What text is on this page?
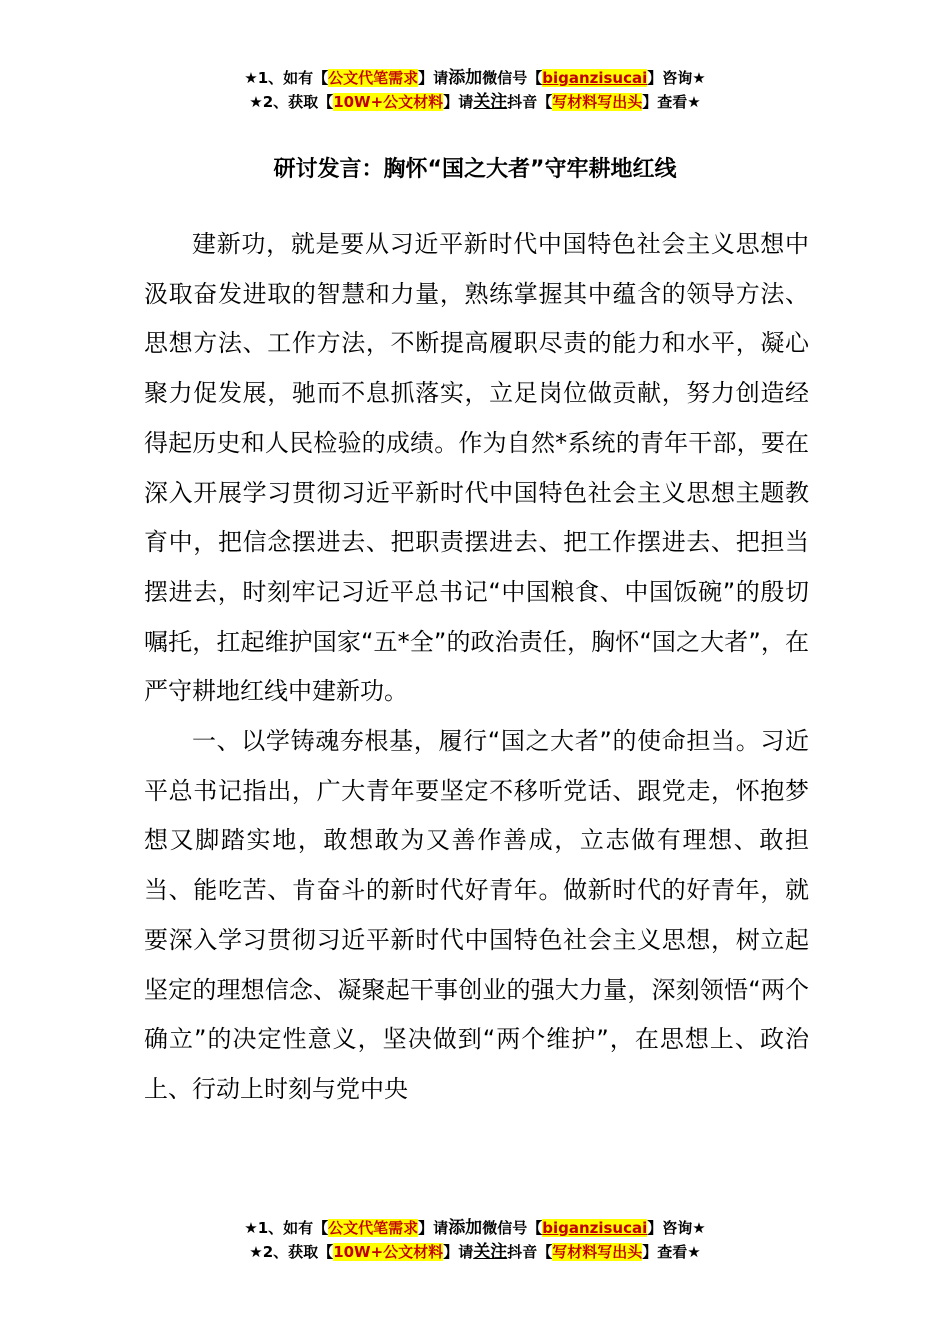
★1、如有【公文代笔需求】请添加微信号【biganzisucai】咨询★
★2、获取【10W+公文材料】请关注抖音【写材料写出头】查看★
研讨发言：胸怀“国之大者”守牢耕地红线

建新功，就是要从习近平新时代中国特色社会主义思想中汲取奋发进取的智慧和力量，熟练掌握其中蕴含的领导方法、思想方法、工作方法，不断提高履职尽责的能力和水平，凝心聚力促发展，驰而不息抓落实，立足岗位做贡献，努力创造经得起历史和人民检验的成绩。作为自然*系统的青年干部，要在深入开展学习贯彻习近平新时代中国特色社会主义思想主题教育中，把信念摆进去、把职责摆进去、把工作摆进去、把担当摆进去，时刻牢记习近平总书记“中国粮食、中国饭碗”的殷切嘱托，扛起维护国家“五*全”的政治责任，胸怀“国之大者”，在严守耕地红线中建新功。

一、以学铸魂夯根基，履行“国之大者”的使命担当。习近平总书记指出，广大青年要坚定不移听党话、跟党走，怀抱梦想又脚踏实地，敢想敢为又善作善成，立志做有理想、敢担当、能吃苦、肯奋斗的新时代好青年。做新时代的好青年，就要深入学习贯彻习近平新时代中国特色社会主义思想，树立起坚定的理想信念、凝聚起干事创业的强大力量，深刻领悟“两个确立”的决定性意义，坚决做到“两个维护”，在思想上、政治上、行动上时刻与党中央

★1、如有【公文代笔需求】请添加微信号【biganzisucai】咨询★
★2、获取【10W+公文材料】请关注抖音【写材料写出头】查看★
